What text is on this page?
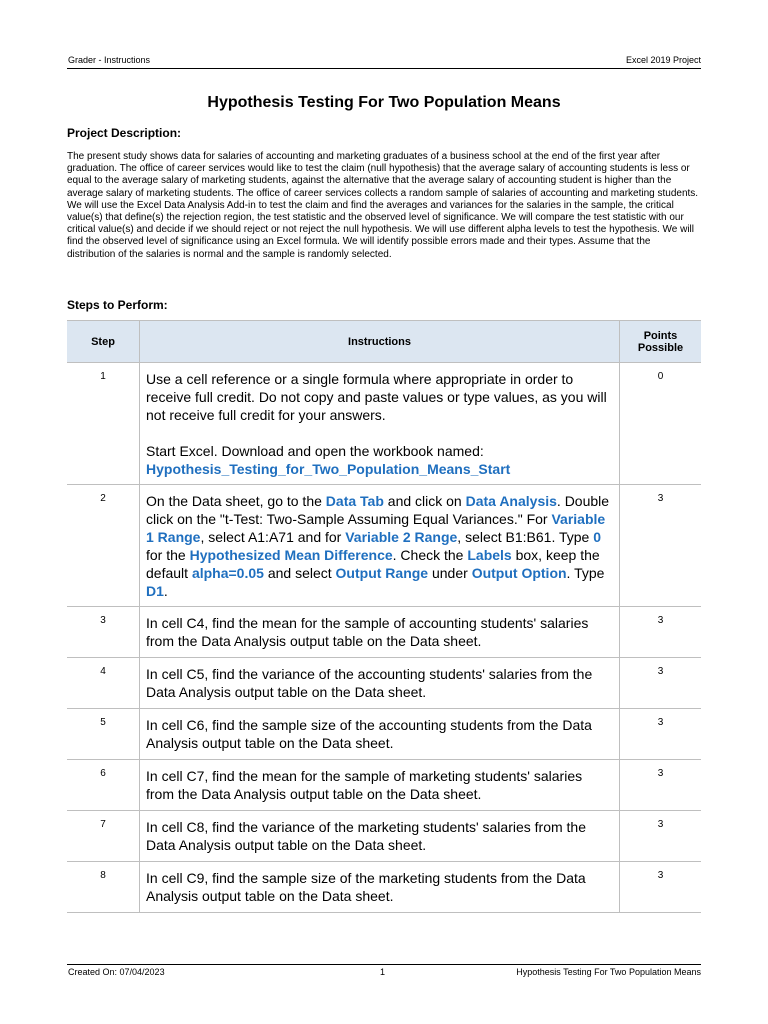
Grader - Instructions	Excel 2019 Project
Hypothesis Testing For Two Population Means
Project Description:
The present study shows data for salaries of accounting and marketing graduates of a business school at the end of the first year after graduation. The office of career services would like to test the claim (null hypothesis) that the average salary of accounting students is less or equal to the average salary of marketing students, against the alternative that the average salary of accounting student is higher than the average salary of marketing students. The office of career services collects a random sample of salaries of accounting and marketing students. We will use the Excel Data Analysis Add-in to test the claim and find the averages and variances for the salaries in the sample, the critical value(s) that define(s) the rejection region, the test statistic and the observed level of significance. We will compare the test statistic with our critical value(s) and decide if we should reject or not reject the null hypothesis. We will use different alpha levels to test the hypothesis. We will find the observed level of significance using an Excel formula. We will identify possible errors made and their types. Assume that the distribution of the salaries is normal and the sample is randomly selected.
Steps to Perform:
Step	Instructions	Points Possible
1	Use a cell reference or a single formula where appropriate in order to receive full credit. Do not copy and paste values or type values, as you will not receive full credit for your answers.
Start Excel. Download and open the workbook named:
Hypothesis_Testing_for_Two_Population_Means_Start	0
2	On the Data sheet, go to the Data Tab and click on Data Analysis. Double click on the "t-Test: Two-Sample Assuming Equal Variances." For Variable 1 Range, select A1:A71 and for Variable 2 Range, select B1:B61. Type 0 for the Hypothesized Mean Difference. Check the Labels box, keep the default alpha=0.05 and select Output Range under Output Option. Type D1.	3
3	In cell C4, find the mean for the sample of accounting students' salaries from the Data Analysis output table on the Data sheet.	3
4	In cell C5, find the variance of the accounting students' salaries from the Data Analysis output table on the Data sheet.	3
5	In cell C6, find the sample size of the accounting students from the Data Analysis output table on the Data sheet.	3
6	In cell C7, find the mean for the sample of marketing students' salaries from the Data Analysis output table on the Data sheet.	3
7	In cell C8, find the variance of the marketing students' salaries from the Data Analysis output table on the Data sheet.	3
8	In cell C9, find the sample size of the marketing students from the Data Analysis output table on the Data sheet.	3
Created On: 07/04/2023	1	Hypothesis Testing For Two Population Means
